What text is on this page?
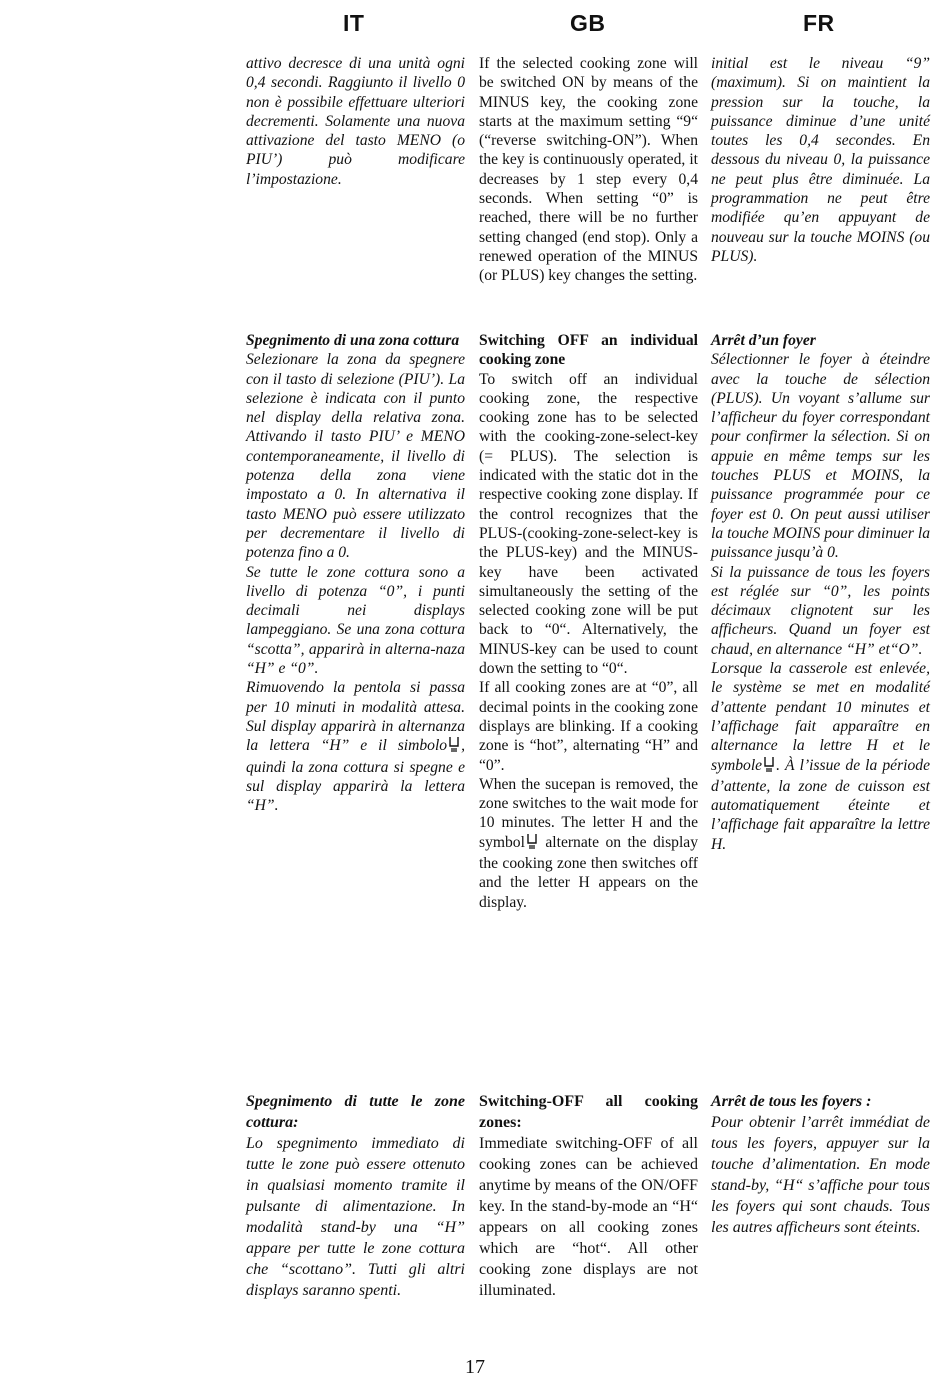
IT	GB	FR

attivo decresce di una unità ogni 0,4 secondi. Raggiunto il livello 0 non è possibile effettuare ulteriori decrementi. Solamente una nuova attivazione del tasto MENO (o PIU’) può modificare l’impostazione.

If the selected cooking zone will be switched ON by means of the MINUS key, the cooking zone starts at the maximum setting “9“ (“reverse switching-ON”). When the key is continuously operated, it decreases by 1 step every 0,4 seconds. When setting “0” is reached, there will be no further setting changed (end stop). Only a renewed operation of the MINUS (or PLUS) key changes the setting.

initial est le niveau “9” (maximum). Si on maintient la pression sur la touche, la puissance diminue d’une unité toutes les 0,4 secondes. En dessous du niveau 0, la puissance ne peut plus être diminuée. La programmation ne peut être modifiée qu’en appuyant de nouveau sur la touche MOINS (ou PLUS).

Spegnimento di una zona cottura

Selezionare la zona da spegnere con il tasto di selezione (PIU’). La selezione è indicata con il punto nel display della relativa zona. Attivando il tasto PIU’ e MENO contemporaneamente, il livello di potenza della zona viene impostato a 0. In alternativa il tasto MENO può essere utilizzato per decrementare il livello di potenza fino a 0.

Se tutte le zone cottura sono a livello di potenza “0”, i punti decimali nei displays lampeggiano. Se una zona cottura “scotta”, apparirà in alterna-naza “H” e “0”.

Rimuovendo la pentola si passa per 10 minuti in modalità attesa. Sul display apparirà in alternanza la lettera “H” e il simbolo , quindi la zona cottura si spegne e sul display apparirà la lettera “H”.

Switching OFF an individual cooking zone

To switch off an individual cooking zone, the respective cooking zone has to be selected with the cooking-zone-select-key (= PLUS). The selection is indicated with the static dot in the respective cooking zone display. If the control recognizes that the PLUS-(cooking-zone-select-key is the PLUS-key) and the MINUS-key have been activated simultaneously the setting of the selected cooking zone will be put back to “0“. Alternatively, the MINUS-key can be used to count down the setting to “0“.

If all cooking zones are at “0”, all decimal points in the cooking zone displays are blinking. If a cooking zone is “hot”, alternating “H” and “0”.

When the sucepan is removed, the zone switches to the wait mode for 10 minutes. The letter H and the symbol alternate on the display the cooking zone then switches off and the letter H appears on the display.

Arrêt d’un foyer

Sélectionner le foyer à éteindre avec la touche de sélection (PLUS). Un voyant s’allume sur l’afficheur du foyer correspondant pour confirmer la sélection. Si on appuie en même temps sur les touches PLUS et MOINS, la puissance programmée pour ce foyer est 0. On peut aussi utiliser la touche MOINS pour diminuer la puissance jusqu’à 0.

Si la puissance de tous les foyers est réglée sur “0”, les points décimaux clignotent sur les afficheurs. Quand un foyer est chaud, en alternance “H” et“O”.

Lorsque la casserole est enlevée, le système se met en modalité d’attente pendant 10 minutes et l’affichage fait apparaître en alternance la lettre H et le symbole . À l’issue de la période d’attente, la zone de cuisson est automatiquement éteinte et l’affichage fait apparaître la lettre H.

Spegnimento di tutte le zone cottura:

Lo spegnimento immediato di tutte le zone può essere ottenuto in qualsiasi momento tramite il pulsante di alimentazione. In modalità stand-by una “H” appare per tutte le zone cottura che “scottano”. Tutti gli altri displays saranno spenti.

Switching-OFF all cooking zones:

Immediate switching-OFF of all cooking zones can be achieved anytime by means of the ON/OFF key. In the stand-by-mode an “H“ appears on all cooking zones which are “hot“. All other cooking zone displays are not illuminated.

Arrêt de tous les foyers :

Pour obtenir l’arrêt immédiat de tous les foyers, appuyer sur la touche d’alimentation. En mode stand-by, “H“ s’affiche pour tous les foyers qui sont chauds. Tous les autres afficheurs sont éteints.

17
